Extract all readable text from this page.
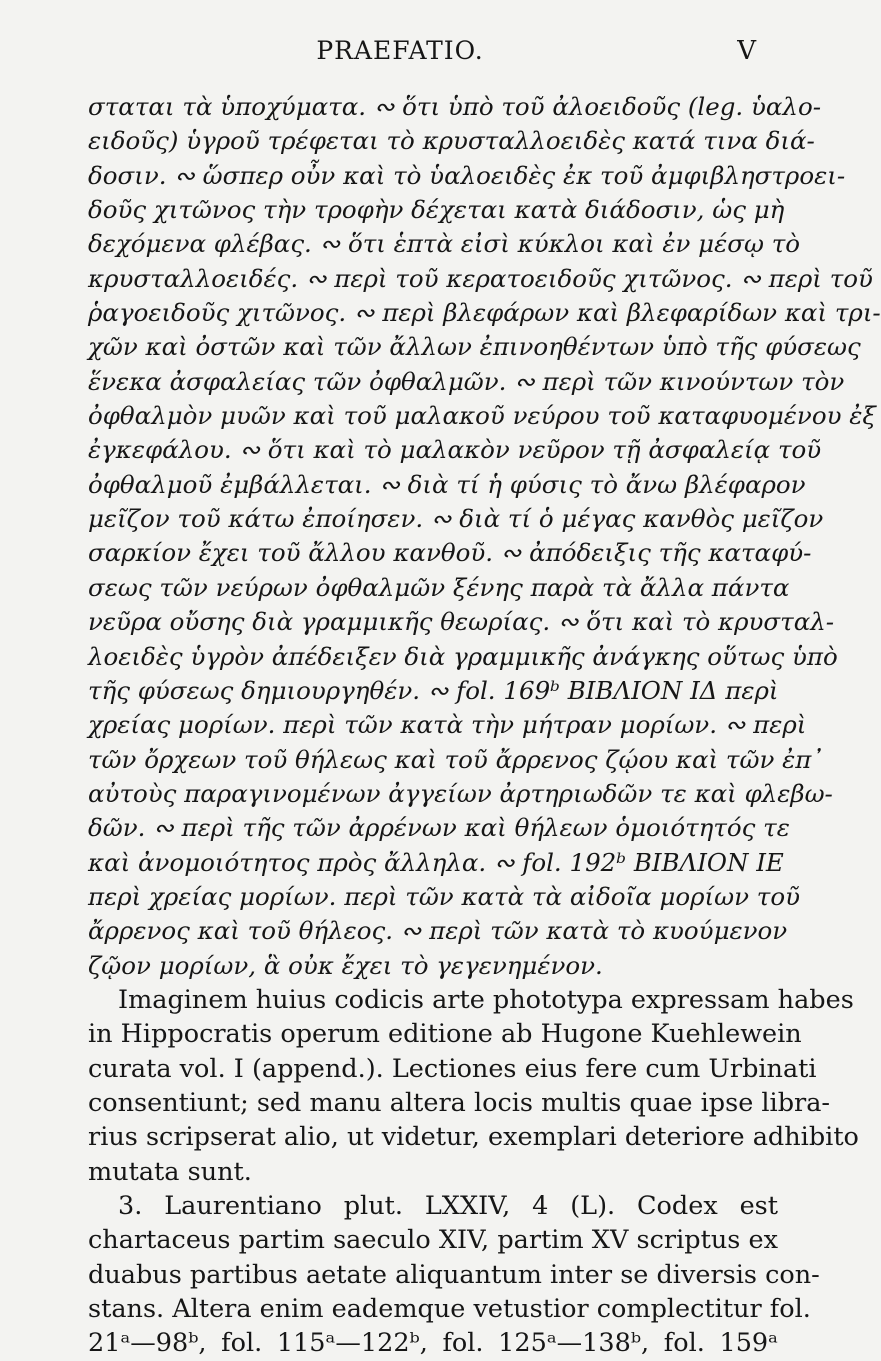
PRAEFATIO.	V
σταται τὰ ὑποχύματα. ∾ ὅτι ὑπὸ τοῦ ἀλοειδοῦς (leg. ὑαλο-
ειδοῦς) ὑγροῦ τρέφεται τὸ κρυσταλλοειδὲς κατά τινα διά-
δοσιν. ∾ ὥσπερ οὖν καὶ τὸ ὑαλοειδὲς ἐκ τοῦ ἀμφιβληστροει-
δοῦς χιτῶνος τὴν τροφὴν δέχεται κατὰ διάδοσιν, ὡς μὴ
δεχόμενα φλέβας. ∾ ὅτι ἑπτὰ εἰσὶ κύκλοι καὶ ἐν μέσῳ τὸ
κρυσταλλοειδές. ∾ περὶ τοῦ κερατοειδοῦς χιτῶνος. ∾ περὶ τοῦ
ῥαγοειδοῦς χιτῶνος. ∾ περὶ βλεφάρων καὶ βλεφαρίδων καὶ τρι-
χῶν καὶ ὀστῶν καὶ τῶν ἄλλων ἐπινοηθέντων ὑπὸ τῆς φύσεως
ἕνεκα ἀσφαλείας τῶν ὀφθαλμῶν. ∾ περὶ τῶν κινούντων τὸν
ὀφθαλμὸν μυῶν καὶ τοῦ μαλακοῦ νεύρου τοῦ καταφυομένου ἐξ
ἐγκεφάλου. ∾ ὅτι καὶ τὸ μαλακὸν νεῦρον τῇ ἀσφαλείᾳ τοῦ
ὀφθαλμοῦ ἐμβάλλεται. ∾ διὰ τί ἡ φύσις τὸ ἄνω βλέφαρον
μεῖζον τοῦ κάτω ἐποίησεν. ∾ διὰ τί ὁ μέγας κανθὸς μεῖζον
σαρκίον ἔχει τοῦ ἄλλου κανθοῦ. ∾ ἀπόδειξις τῆς καταφύ-
σεως τῶν νεύρων ὀφθαλμῶν ξένης παρὰ τὰ ἄλλα πάντα
νεῦρα οὔσης διὰ γραμμικῆς θεωρίας. ∾ ὅτι καὶ τὸ κρυσταλ-
λοειδὲς ὑγρὸν ἀπέδειξεν διὰ γραμμικῆς ἀνάγκης οὕτως ὑπὸ
τῆς φύσεως δημιουργηθέν. ∾ fol. 169ᵇ ΒΙΒΛΙΟΝ ΙΔ περὶ
χρείας μορίων. περὶ τῶν κατὰ τὴν μήτραν μορίων. ∾ περὶ
τῶν ὄρχεων τοῦ θήλεως καὶ τοῦ ἄρρενος ζῴου καὶ τῶν ἐπ᾽
αὐτοὺς παραγινομένων ἀγγείων ἀρτηριωδῶν τε καὶ φλεβω-
δῶν. ∾ περὶ τῆς τῶν ἀρρένων καὶ θήλεων ὁμοιότητός τε
καὶ ἀνομοιότητος πρὸς ἄλληλα. ∾ fol. 192ᵇ ΒΙΒΛΙΟΝ ΙΕ
περὶ χρείας μορίων. περὶ τῶν κατὰ τὰ αἰδοῖα μορίων τοῦ
ἄρρενος καὶ τοῦ θήλεος. ∾ περὶ τῶν κατὰ τὸ κυούμενον
ζῷον μορίων, ἃ οὐκ ἔχει τὸ γεγενημένον.
Imaginem huius codicis arte phototypa expressam habes
in Hippocratis operum editione ab Hugone Kuehlewein
curata vol. I (append.). Lectiones eius fere cum Urbinati
consentiunt; sed manu altera locis multis quae ipse libra-
rius scripserat alio, ut videtur, exemplari deteriore adhibito
mutata sunt.
3. Laurentiano plut. LXXIV, 4 (L). Codex est
chartaceus partim saeculo XIV, partim XV scriptus ex
duabus partibus aetate aliquantum inter se diversis con-
stans. Altera enim eademque vetustior complectitur fol.
21ᵃ—98ᵇ, fol. 115ᵃ—122ᵇ, fol. 125ᵃ—138ᵇ, fol. 159ᵃ
